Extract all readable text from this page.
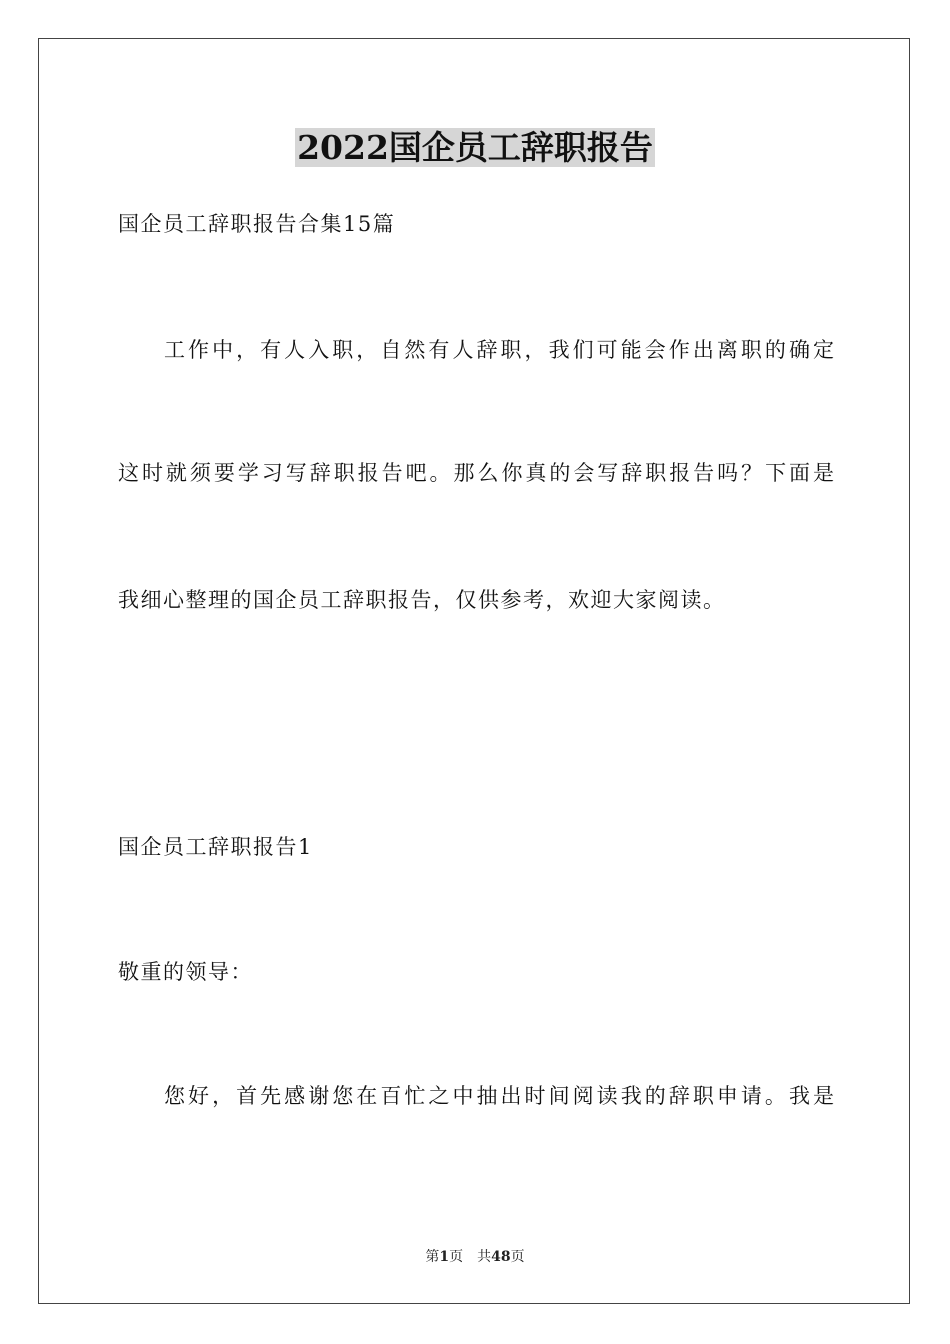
2022国企员工辞职报告
国企员工辞职报告合集15篇
工作中，有人入职，自然有人辞职，我们可能会作出离职的确定
这时就须要学习写辞职报告吧。那么你真的会写辞职报告吗？下面是
我细心整理的国企员工辞职报告，仅供参考，欢迎大家阅读。
国企员工辞职报告1
敬重的领导：
您好，首先感谢您在百忙之中抽出时间阅读我的辞职申请。我是
第1页 共48页
